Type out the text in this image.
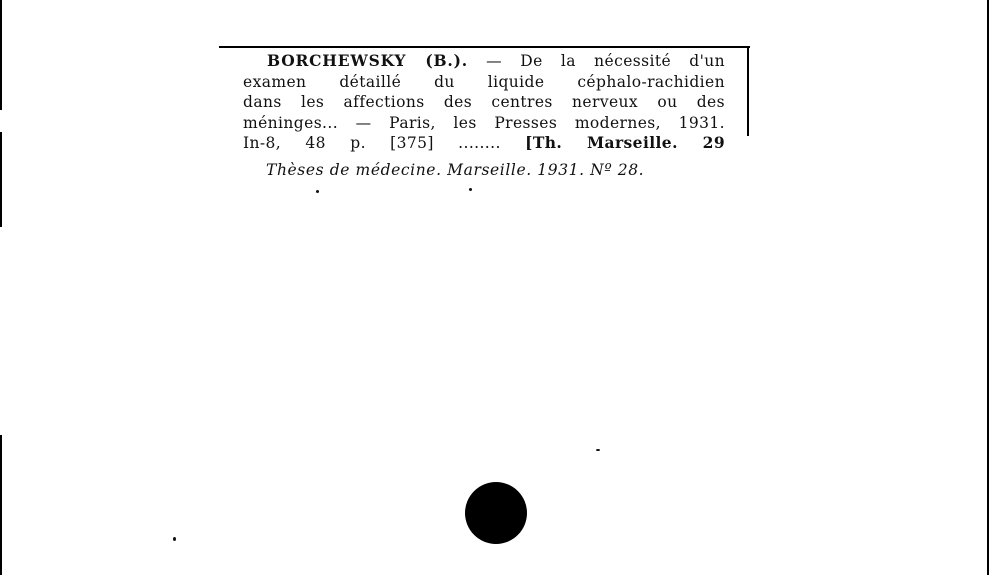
BORCHEWSKY (B.). — De la nécessité d'un
examen détaillé du liquide céphalo-rachidien
dans les affections des centres nerveux ou des
méninges... — Paris, les Presses modernes, 1931.
In-8, 48 p. [375] ........ [Th. Marseille. 29
Thèses de médecine. Marseille. 1931. Nº 28.
